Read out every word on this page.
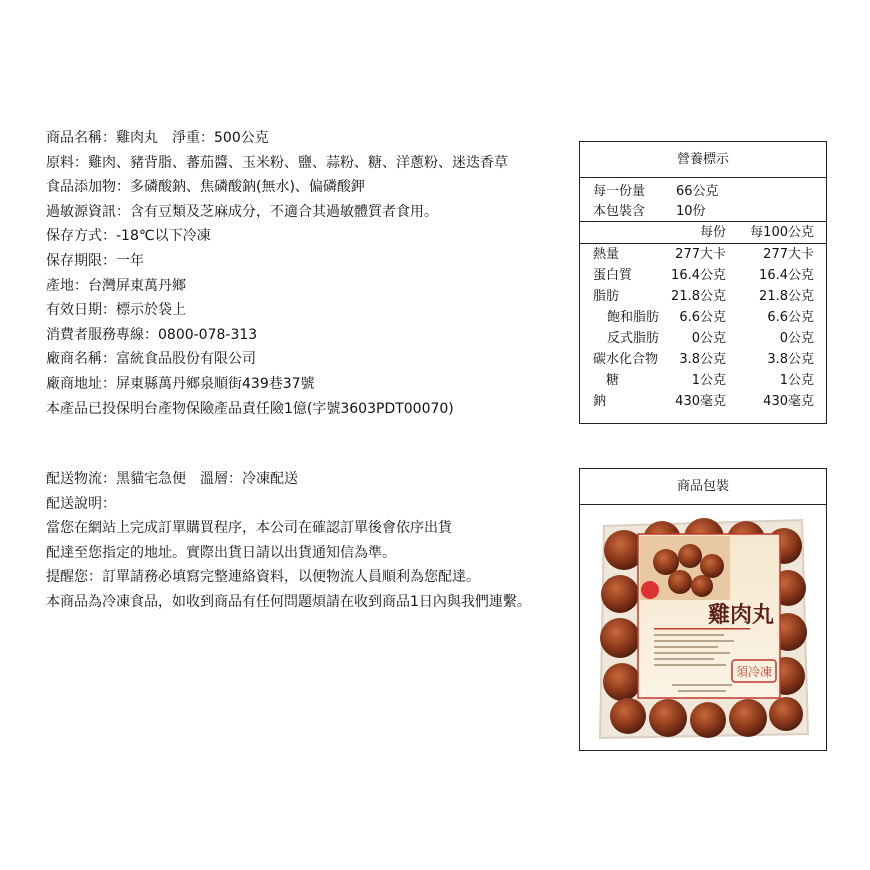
商品名稱：雞肉丸　淨重：500公克
原料：雞肉、豬背脂、蕃茄醬、玉米粉、鹽、蒜粉、糖、洋蔥粉、迷迭香草
食品添加物：多磷酸鈉、焦磷酸鈉(無水)、偏磷酸鉀
過敏源資訊：含有豆類及芝麻成分，不適合其過敏體質者食用。
保存方式：-18℃以下冷凍
保存期限：一年
產地：台灣屏東萬丹鄉
有效日期：標示於袋上
消費者服務專線：0800-078-313
廠商名稱：富統食品股份有限公司
廠商地址：屏東縣萬丹鄉泉順街439巷37號
本產品已投保明台產物保險產品責任險1億(字號3603PDT00070)
配送物流：黑貓宅急便　溫層：冷凍配送
配送說明：
當您在網站上完成訂單購買程序，本公司在確認訂單後會依序出貨
配達至您指定的地址。實際出貨日請以出貨通知信為準。
提醒您：訂單請務必填寫完整連絡資料，以便物流人員順利為您配達。
本商品為冷凍食品，如收到商品有任何問題煩請在收到商品1日內與我們連繫。
營養標示
每一份量 66公克
本包裝含 10份
每份 每100公克
熱量	277大卡	277大卡
蛋白質	16.4公克	16.4公克
脂肪	21.8公克	21.8公克
飽和脂肪 6.6公克	6.6公克
反式脂肪	0公克	0公克
碳水化合物 3.8公克	3.8公克
糖	1公克	1公克
鈉	430毫克	430毫克
商品包裝
雞肉丸
須冷凍
